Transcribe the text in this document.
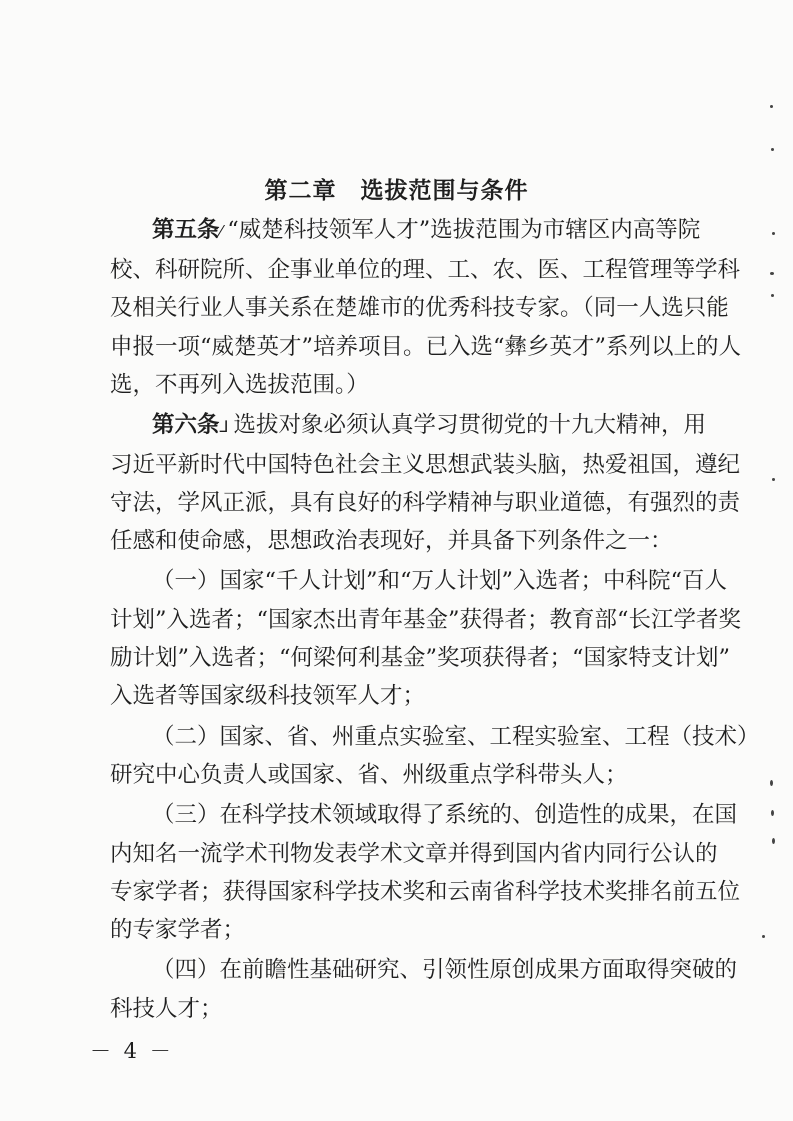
第二章　选拔范围与条件
第五条⁄ “威楚科技领军人才”选拔范围为市辖区内高等院
校、科研院所、企事业单位的理、工、农、医、工程管理等学科
及相关行业人事关系在楚雄市的优秀科技专家。（同一人选只能
申报一项“威楚英才”培养项目。已入选“彝乡英才”系列以上的人
选，不再列入选拔范围。）
第六条⅃ 选拔对象必须认真学习贯彻党的十九大精神，用
习近平新时代中国特色社会主义思想武装头脑，热爱祖国，遵纪
守法，学风正派，具有良好的科学精神与职业道德，有强烈的责
任感和使命感，思想政治表现好，并具备下列条件之一：
（一）国家“千人计划”和“万人计划”入选者；中科院“百人
计划”入选者；“国家杰出青年基金”获得者；教育部“长江学者奖
励计划”入选者；“何梁何利基金”奖项获得者；“国家特支计划”
入选者等国家级科技领军人才；
（二）国家、省、州重点实验室、工程实验室、工程（技术）
研究中心负责人或国家、省、州级重点学科带头人；
（三）在科学技术领域取得了系统的、创造性的成果，在国
内知名一流学术刊物发表学术文章并得到国内省内同行公认的
专家学者；获得国家科学技术奖和云南省科学技术奖排名前五位
的专家学者；
（四）在前瞻性基础研究、引领性原创成果方面取得突破的
科技人才；
－ 4 －
